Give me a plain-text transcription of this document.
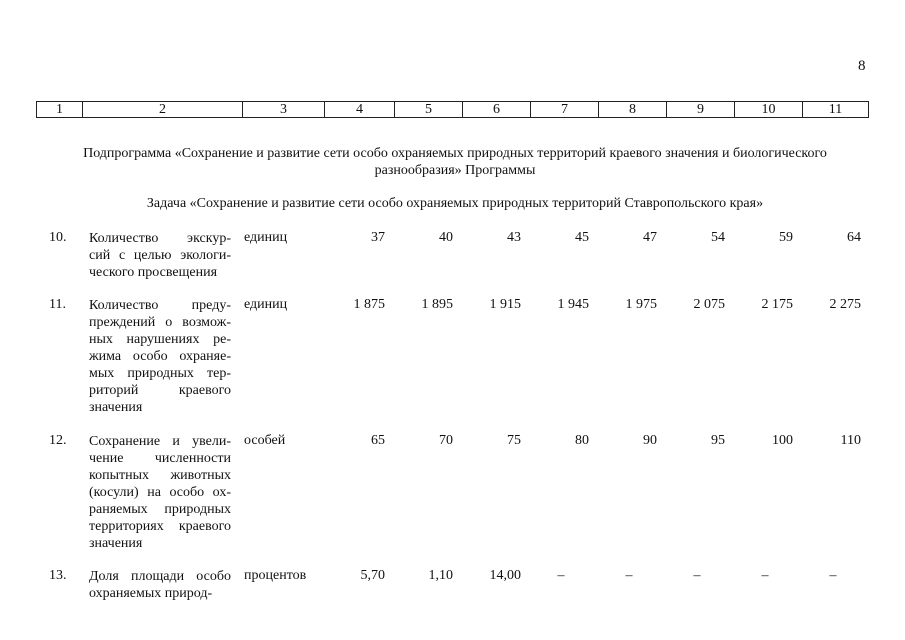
8
1	2	3	4	5	6	7	8	9	10	11
Подпрограмма «Сохранение и развитие сети особо охраняемых природных территорий краевого значения и биологического
разнообразия» Программы
Задача «Сохранение и развитие сети особо охраняемых природных территорий Ставропольского края»
10. Количество экскур-
сий с целью экологи-
ческого просвещения
единиц	37	40	43	45	47	54	59	64
11. Количество преду-
преждений о возмож-
ных нарушениях ре-
жима особо охраняе-
мых природных тер-
риторий краевого
значения
единиц	1 875	1 895	1 915	1 945	1 975	2 075	2 175	2 275
12. Сохранение и увели-
чение численности
копытных животных
(косули) на особо ох-
раняемых природных
территориях краевого
значения
особей	65	70	75	80	90	95	100	110
13. Доля площади особо
охраняемых природ-
процентов	5,70	1,10	14,00	–	–	–	–	–
